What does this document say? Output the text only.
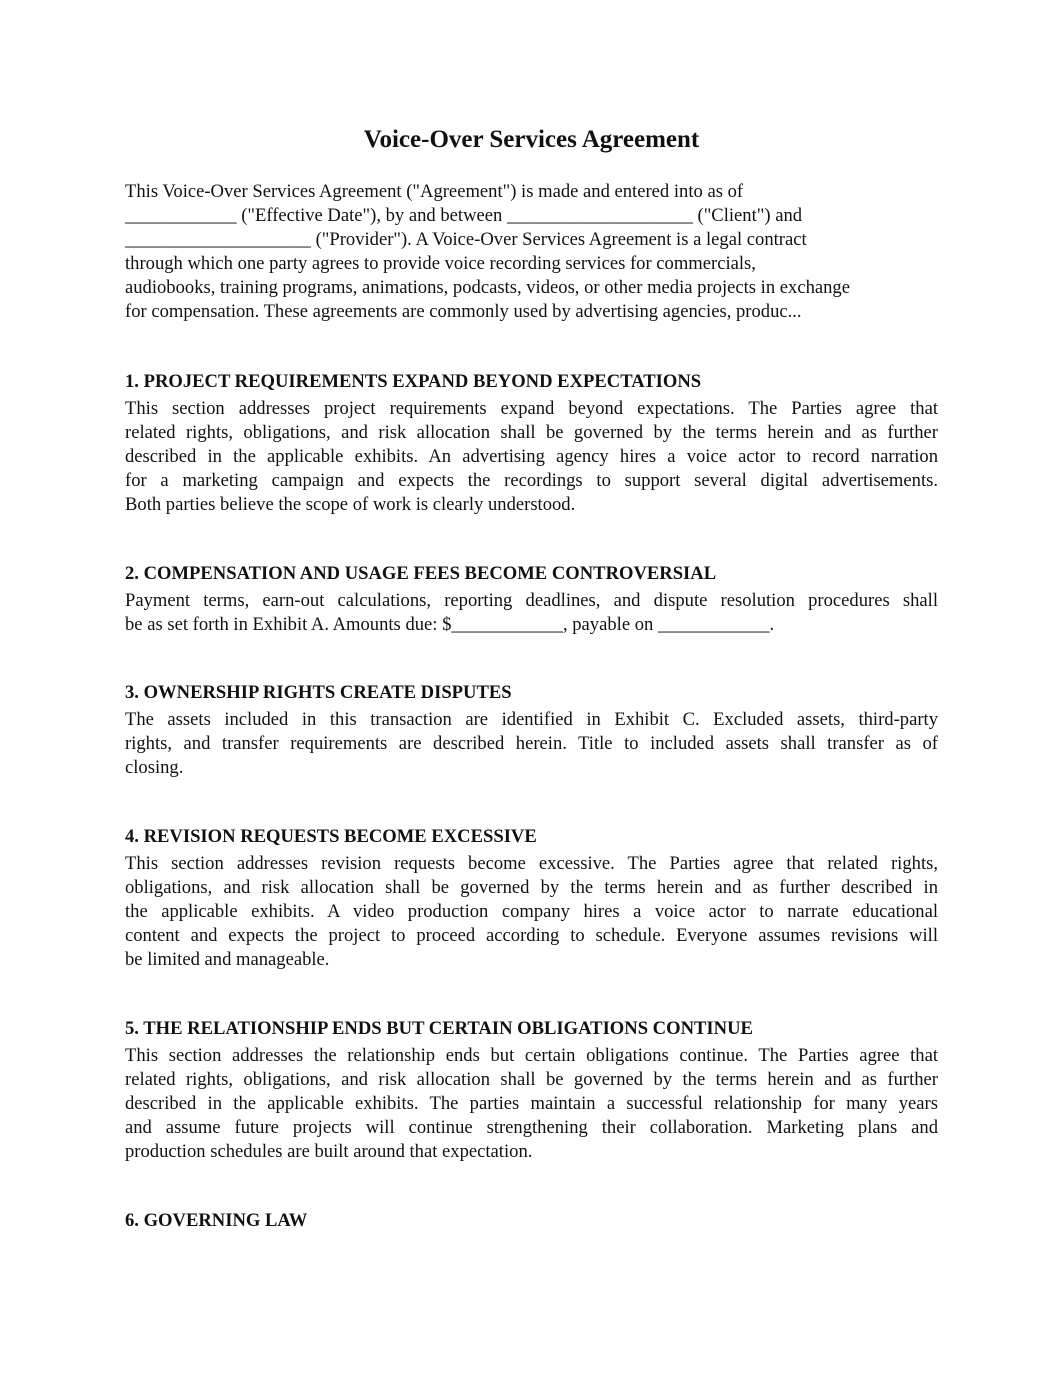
Voice-Over Services Agreement
This Voice-Over Services Agreement ("Agreement") is made and entered into as of
____________ ("Effective Date"), by and between ____________________ ("Client") and
____________________ ("Provider"). A Voice-Over Services Agreement is a legal contract
through which one party agrees to provide voice recording services for commercials,
audiobooks, training programs, animations, podcasts, videos, or other media projects in exchange
for compensation. These agreements are commonly used by advertising agencies, produc...
1. PROJECT REQUIREMENTS EXPAND BEYOND EXPECTATIONS
This section addresses project requirements expand beyond expectations. The Parties agree that
related rights, obligations, and risk allocation shall be governed by the terms herein and as further
described in the applicable exhibits. An advertising agency hires a voice actor to record narration
for a marketing campaign and expects the recordings to support several digital advertisements.
Both parties believe the scope of work is clearly understood.
2. COMPENSATION AND USAGE FEES BECOME CONTROVERSIAL
Payment terms, earn-out calculations, reporting deadlines, and dispute resolution procedures shall
be as set forth in Exhibit A. Amounts due: $____________, payable on ____________.
3. OWNERSHIP RIGHTS CREATE DISPUTES
The assets included in this transaction are identified in Exhibit C. Excluded assets, third-party
rights, and transfer requirements are described herein. Title to included assets shall transfer as of
closing.
4. REVISION REQUESTS BECOME EXCESSIVE
This section addresses revision requests become excessive. The Parties agree that related rights,
obligations, and risk allocation shall be governed by the terms herein and as further described in
the applicable exhibits. A video production company hires a voice actor to narrate educational
content and expects the project to proceed according to schedule. Everyone assumes revisions will
be limited and manageable.
5. THE RELATIONSHIP ENDS BUT CERTAIN OBLIGATIONS CONTINUE
This section addresses the relationship ends but certain obligations continue. The Parties agree that
related rights, obligations, and risk allocation shall be governed by the terms herein and as further
described in the applicable exhibits. The parties maintain a successful relationship for many years
and assume future projects will continue strengthening their collaboration. Marketing plans and
production schedules are built around that expectation.
6. GOVERNING LAW
